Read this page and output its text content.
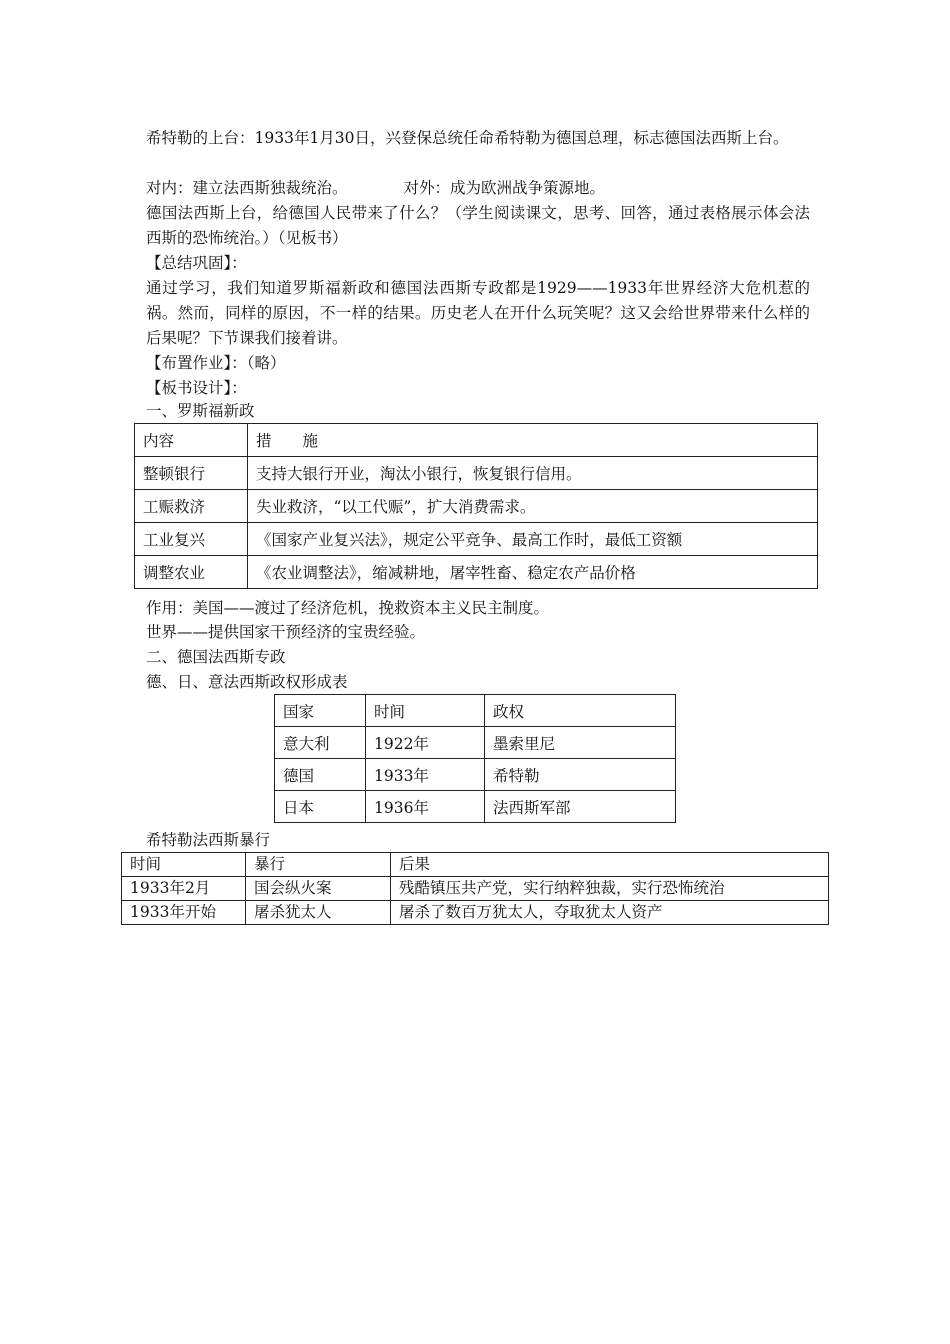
希特勒的上台：1933年1月30日，兴登保总统任命希特勒为德国总理，标志德国法西斯上台。

对内：建立法西斯独裁统治。	对外：成为欧洲战争策源地。

德国法西斯上台，给德国人民带来了什么？（学生阅读课文，思考、回答，通过表格展示体会法西斯的恐怖统治。）（见板书）

【总结巩固】：

通过学习，我们知道罗斯福新政和德国法西斯专政都是1929——1933年世界经济大危机惹的祸。然而，同样的原因，不一样的结果。历史老人在开什么玩笑呢？这又会给世界带来什么样的后果呢？下节课我们接着讲。

【布置作业】：（略）

【板书设计】：

一、罗斯福新政

内容	措　　施
整顿银行	支持大银行开业，淘汰小银行，恢复银行信用。
工赈救济	失业救济，“以工代赈”，扩大消费需求。
工业复兴	《国家产业复兴法》，规定公平竞争、最高工作时，最低工资额
调整农业	《农业调整法》，缩减耕地，屠宰牲畜、稳定农产品价格

作用：美国——渡过了经济危机，挽救资本主义民主制度。

世界——提供国家干预经济的宝贵经验。

二、德国法西斯专政

德、日、意法西斯政权形成表

国家	时间	政权
意大利	1922年	墨索里尼
德国	1933年	希特勒
日本	1936年	法西斯军部

希特勒法西斯暴行

时间	暴行	后果
1933年2月	国会纵火案	残酷镇压共产党，实行纳粹独裁，实行恐怖统治
1933年开始	屠杀犹太人	屠杀了数百万犹太人，夺取犹太人资产
